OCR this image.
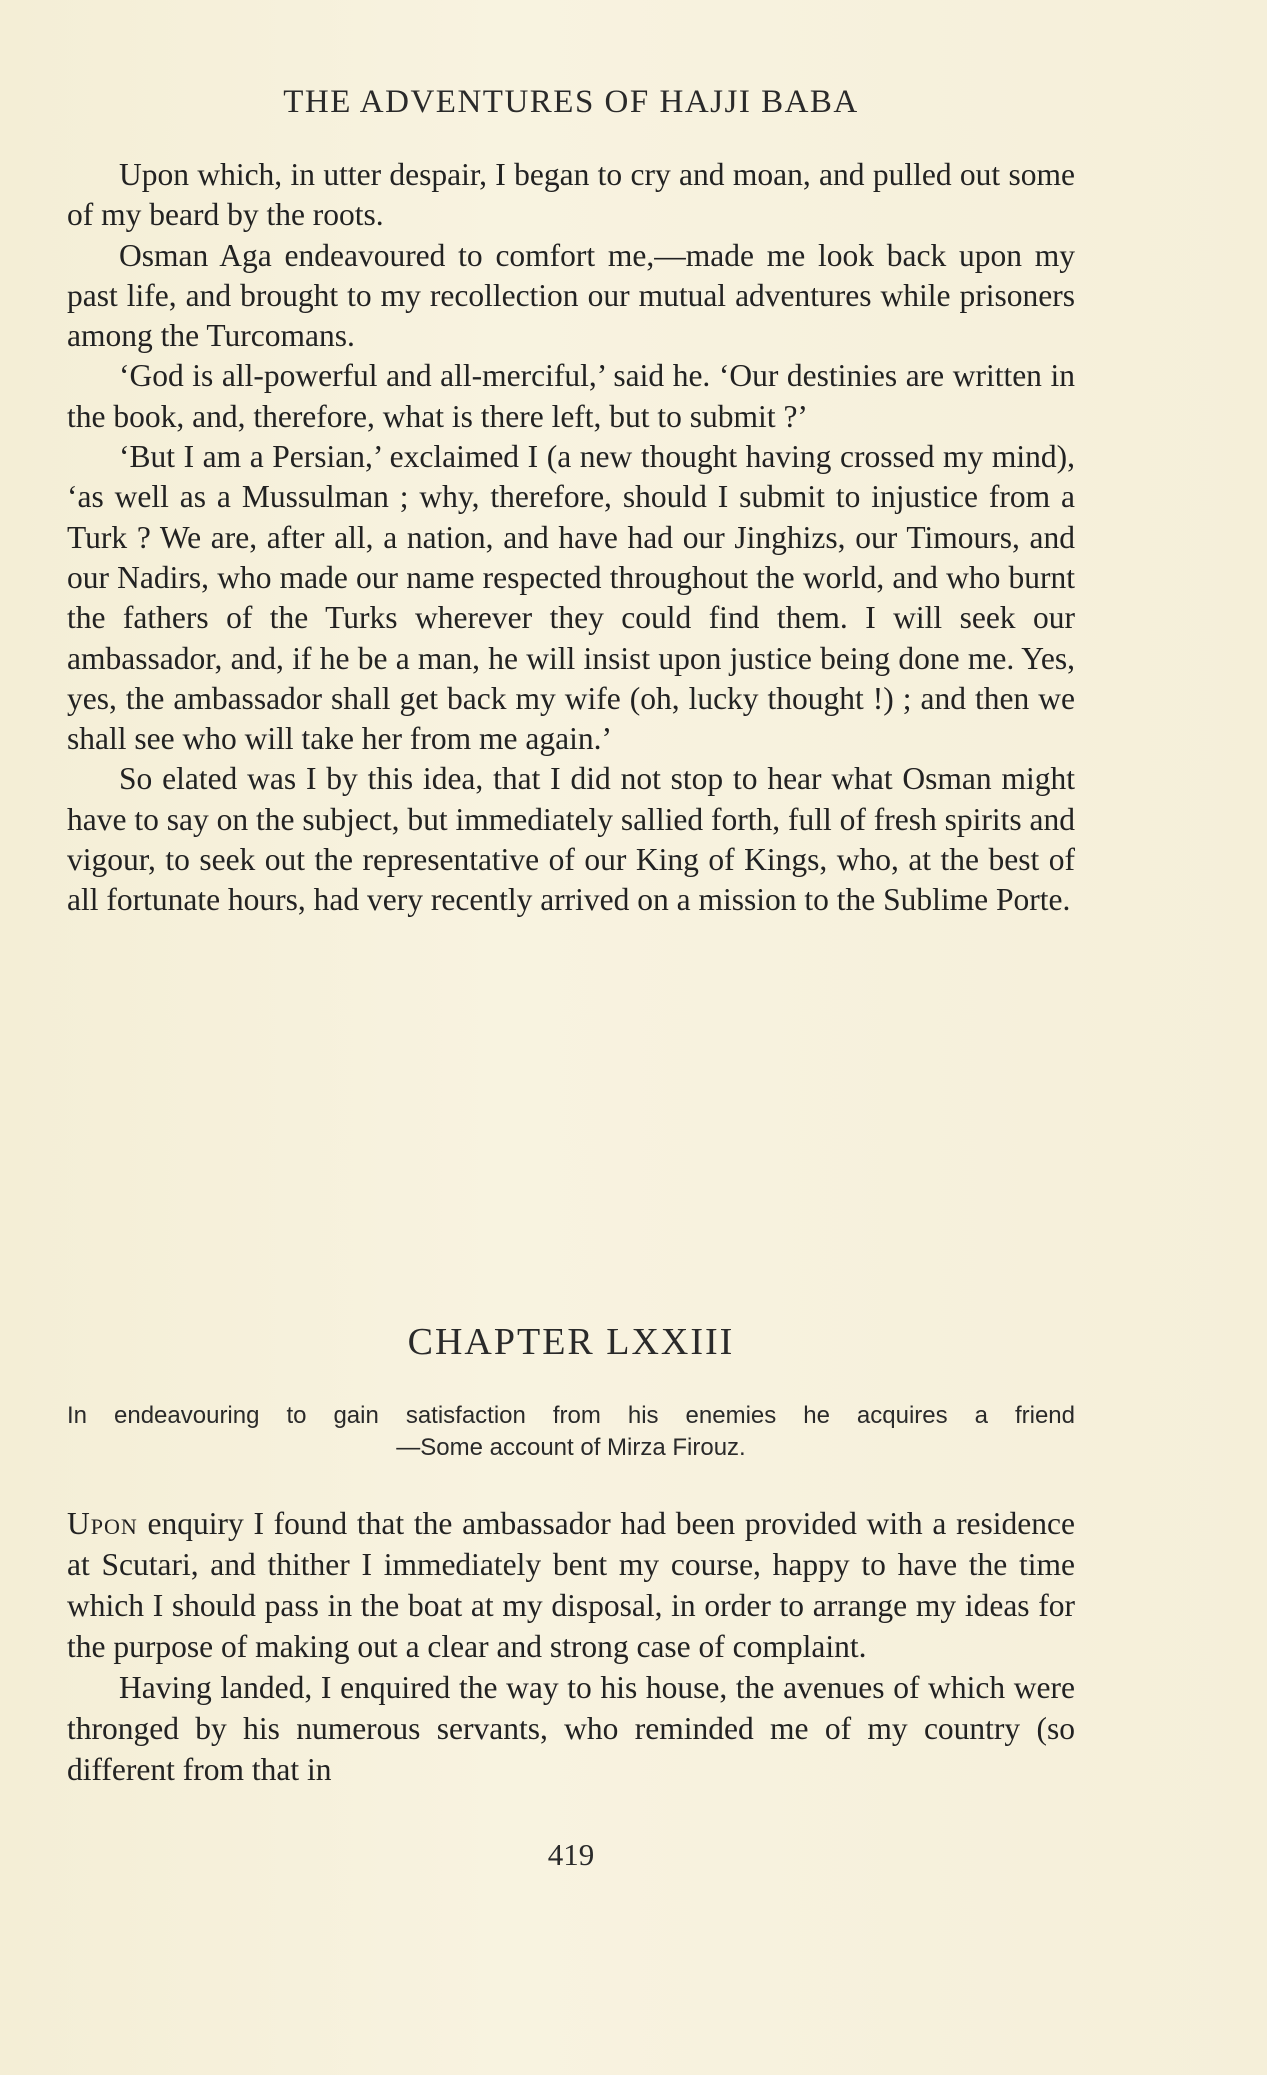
THE ADVENTURES OF HAJJI BABA

Upon which, in utter despair, I began to cry and moan, and pulled out some of my beard by the roots.

Osman Aga endeavoured to comfort me,—made me look back upon my past life, and brought to my recollection our mutual adventures while prisoners among the Turcomans.

‘God is all-powerful and all-merciful,’ said he. ‘Our destinies are written in the book, and, therefore, what is there left, but to submit ?’

‘But I am a Persian,’ exclaimed I (a new thought having crossed my mind), ‘as well as a Mussulman ; why, therefore, should I submit to injustice from a Turk ? We are, after all, a nation, and have had our Jinghizs, our Timours, and our Nadirs, who made our name respected throughout the world, and who burnt the fathers of the Turks wherever they could find them. I will seek our ambassador, and, if he be a man, he will insist upon justice being done me. Yes, yes, the ambassador shall get back my wife (oh, lucky thought !) ; and then we shall see who will take her from me again.’

So elated was I by this idea, that I did not stop to hear what Osman might have to say on the subject, but immediately sallied forth, full of fresh spirits and vigour, to seek out the representative of our King of Kings, who, at the best of all fortunate hours, had very recently arrived on a mission to the Sublime Porte.

CHAPTER LXXIII
In endeavouring to gain satisfaction from his enemies he acquires a friend
—Some account of Mirza Firouz.

Upon enquiry I found that the ambassador had been provided with a residence at Scutari, and thither I immediately bent my course, happy to have the time which I should pass in the boat at my disposal, in order to arrange my ideas for the purpose of making out a clear and strong case of complaint.

Having landed, I enquired the way to his house, the avenues of which were thronged by his numerous servants, who reminded me of my country (so different from that in

419
